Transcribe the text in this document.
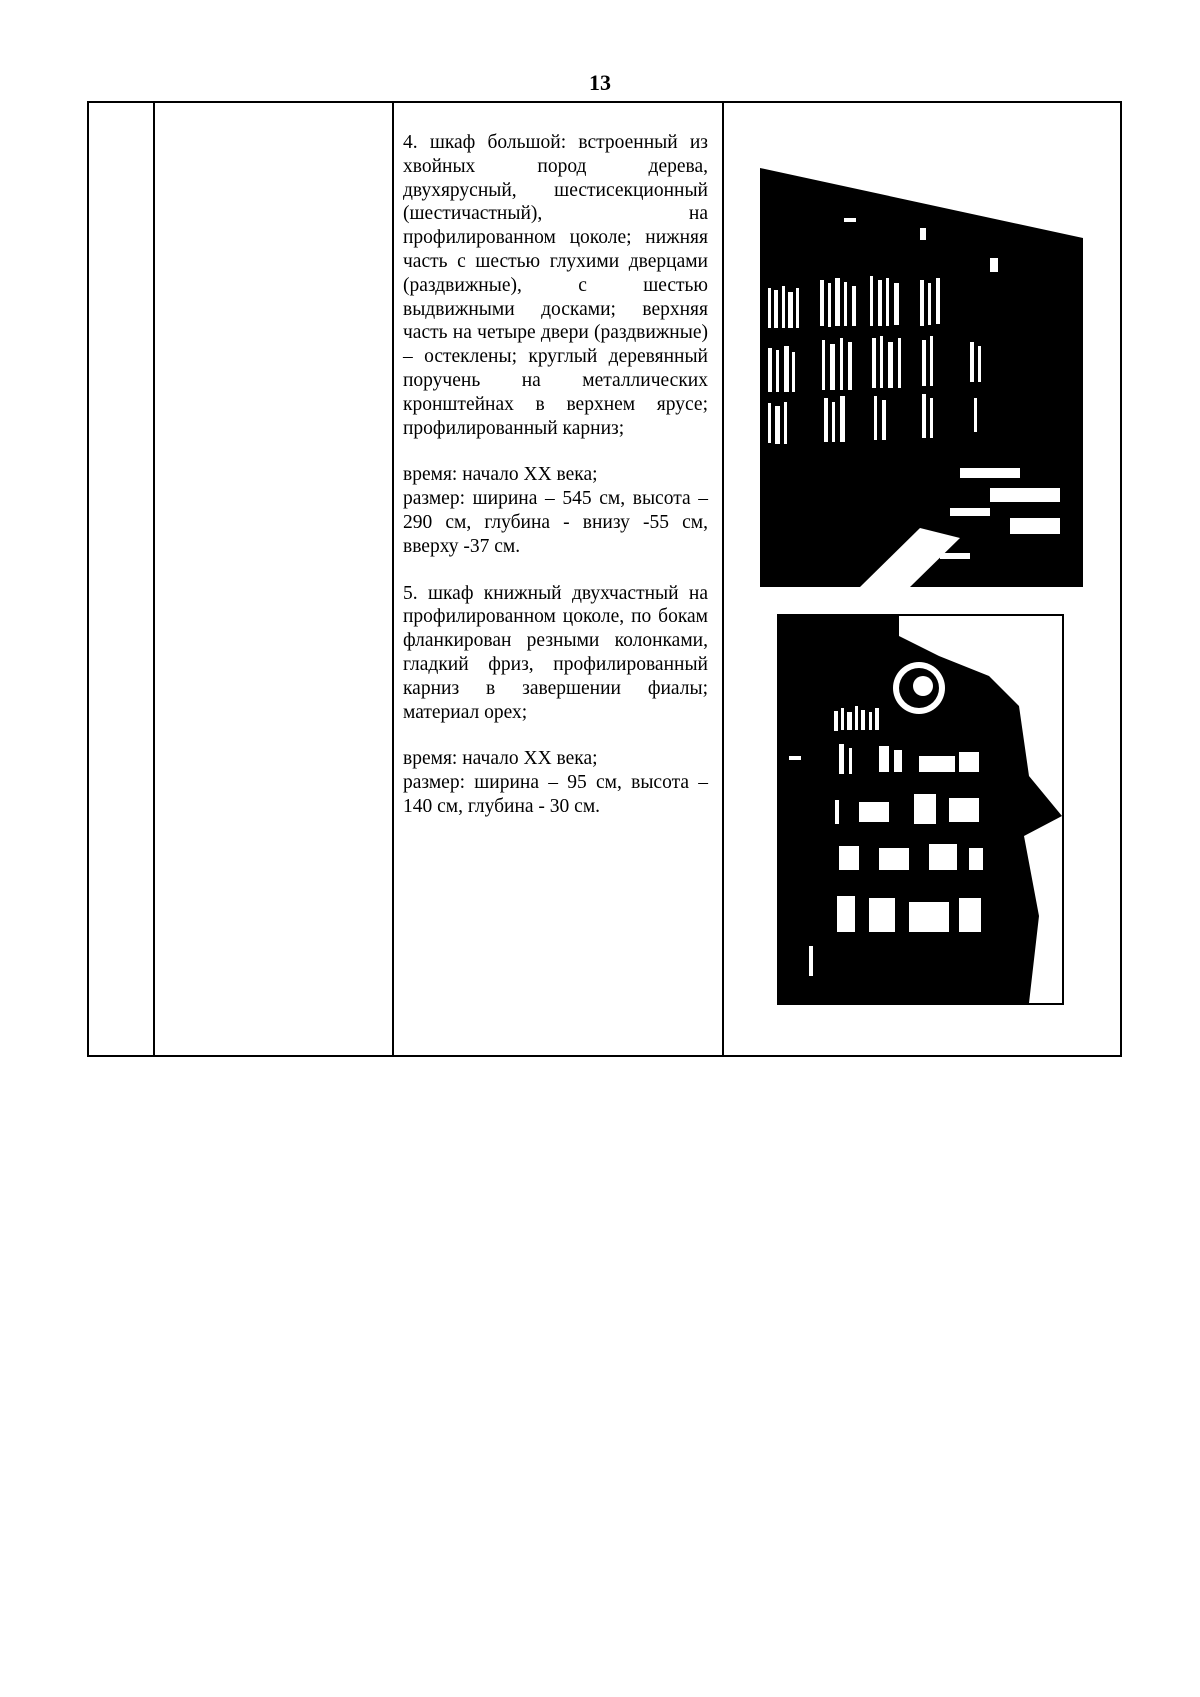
13

4. шкаф большой: встроенный из хвойных пород дерева, двухярусный, шестисекционный (шестичастный), на профилированном цоколе; нижняя часть с шестью глухими дверцами (раздвижные), с шестью выдвижными досками; верхняя часть на четыре двери (раздвижные) – остеклены; круглый деревянный поручень на металлических кронштейнах в верхнем ярусе; профилированный карниз;

время: начало XX века;

размер: ширина – 545 см, высота –290 см, глубина - внизу -55 см, вверху -37 см.

5. шкаф книжный двухчастный на профилированном цоколе, по бокам фланкирован резными колонками, гладкий фриз, профилированный карниз в завершении фиалы; материал орех;

время: начало XX века;
размер: ширина – 95 см, высота –140 см, глубина - 30 см.
